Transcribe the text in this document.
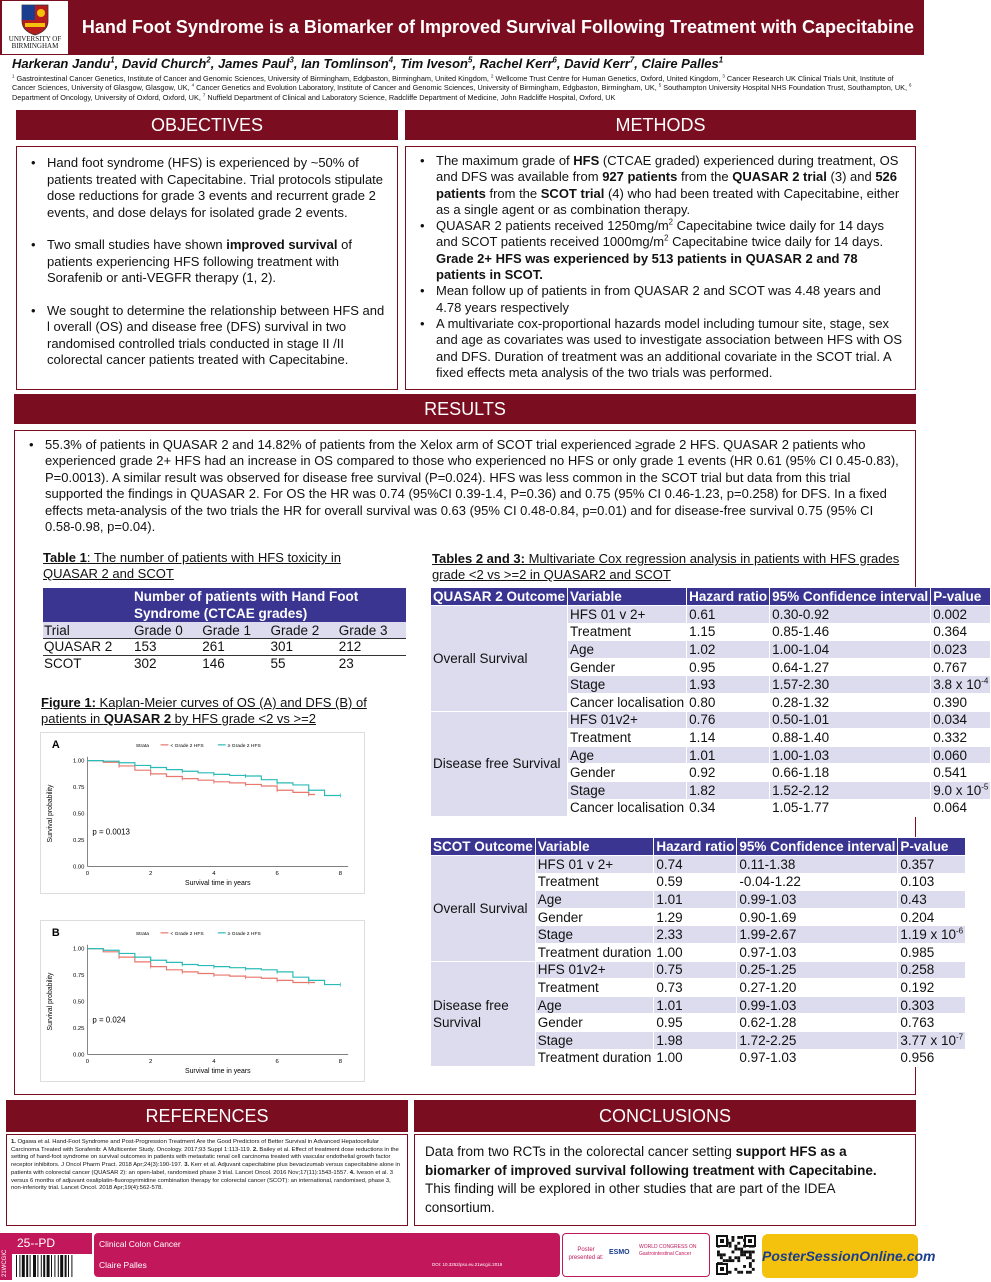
UNIVERSITY OF BIRMINGHAM
Hand Foot Syndrome is a Biomarker of Improved Survival Following Treatment with Capecitabine
Harkeran Jandu$^1$, David Church$^2$, James Paul$^3$, Ian Tomlinson$^4$, Tim Iveson$^5$, Rachel Kerr$^6$, David Kerr$^7$, Claire Palles$^1$
$^1$ Gastrointestinal Cancer Genetics, Institute of Cancer and Genomic Sciences, University of Birmingham, Edgbaston, Birmingham, United Kingdom, $^2$ Wellcome Trust Centre for Human Genetics, Oxford, United Kingdom, $^3$ Cancer Research UK Clinical Trials Unit, Institute of Cancer Sciences, University of Glasgow, Glasgow, UK, $^4$ Cancer Genetics and Evolution Laboratory, Institute of Cancer and Genomic Sciences, University of Birmingham, Edgbaston, Birmingham, UK, $^5$ Southampton University Hospital NHS Foundation Trust, Southampton, UK, $^6$ Department of Oncology, University of Oxford, Oxford, UK, $^7$ Nuffield Department of Clinical and Laboratory Science, Radcliffe Department of Medicine, John Radcliffe Hospital, Oxford, UK
OBJECTIVES
• Hand foot syndrome (HFS) is experienced by ~50% of patients treated with Capecitabine. Trial protocols stipulate dose reductions for grade 3 events and recurrent grade 2 events, and dose delays for isolated grade 2 events.
• Two small studies have shown improved survival of patients experiencing HFS following treatment with Sorafenib or anti-VEGFR therapy (1, 2).
• We sought to determine the relationship between HFS and l overall (OS) and disease free (DFS) survival in two randomised controlled trials conducted in stage II /II colorectal cancer patients treated with Capecitabine.
METHODS
• The maximum grade of HFS (CTCAE graded) experienced during treatment, OS and DFS was available from 927 patients from the QUASAR 2 trial (3) and 526 patients from the SCOT trial (4) who had been treated with Capecitabine, either as a single agent or as combination therapy.
• QUASAR 2 patients received $1250mg/m^2$ Capecitabine twice daily for 14 days and SCOT patients received $1000mg/m^2$ Capecitabine twice daily for 14 days. Grade 2+ HFS was experienced by 513 patients in QUASAR 2 and 78 patients in SCOT.
• Mean follow up of patients in from QUASAR 2 and SCOT was 4.48 years and 4.78 years respectively
• A multivariate cox-proportional hazards model including tumour site, stage, sex and age as covariates was used to investigate association between HFS with OS and DFS. Duration of treatment was an additional covariate in the SCOT trial. A fixed effects meta analysis of the two trials was performed.
RESULTS
• 55.3% of patients in QUASAR 2 and 14.82% of patients from the Xelox arm of SCOT trial experienced ≥grade 2 HFS. QUASAR 2 patients who experienced grade 2+ HFS had an increase in OS compared to those who experienced no HFS or only grade 1 events (HR 0.61 (95% CI 0.45-0.83), P=0.0013). A similar result was observed for disease free survival (P=0.024). HFS was less common in the SCOT trial but data from this trial supported the findings in QUASAR 2. For OS the HR was 0.74 (95%CI 0.39-1.4, P=0.36) and 0.75 (95% CI 0.46-1.23, p=0.258) for DFS. In a fixed effects meta-analysis of the two trials the HR for overall survival was 0.63 (95% CI 0.48-0.84, p=0.01) and for disease-free survival 0.75 (95% CI 0.58-0.98, p=0.04).
Table 1: The number of patients with HFS toxicity in QUASAR 2 and SCOT
	Number of patients with Hand Foot Syndrome (CTCAE grades)			
Trial	Grade 0	Grade 1	Grade 2	Grade 3
QUASAR 2	153	261	301	212
SCOT	302	146	55	23
Figure 1: Kaplan-Meier curves of OS (A) and DFS (B) of patients in QUASAR 2 by HFS grade <2 vs >=2
A	Strata	< Grade 2 HFS	≥ Grade 2 HFS
0.00
0.25
0.50
0.75
1.00
0	2	4	6	8
Survival time in years
Survival probability	p = 0.0013
B	Strata	< Grade 2 HFS	≥ Grade 2 HFS
0.00
0.25
0.50
0.75
1.00
0	2	4	6	8
Survival time in years
Survival probability	p = 0.024
Tables 2 and 3: Multivariate Cox regression analysis in patients with HFS grades grade <2 vs >=2 in QUASAR2 and SCOT
QUASAR 2 Outcome	Variable	Hazard ratio	95% Confidence interval	P-value
Overall Survival	HFS 01 v 2+	0.61	0.30-0.92	0.002
	Treatment	1.15	0.85-1.46	0.364
	Age	1.02	1.00-1.04	0.023
	Gender	0.95	0.64-1.27	0.767
	Stage	1.93	1.57-2.30	3.8 x $10^{-4}$
	Cancer localisation	0.80	0.28-1.32	0.390
Disease free Survival	HFS 01v2+	0.76	0.50-1.01	0.034
	Treatment	1.14	0.88-1.40	0.332
	Age	1.01	1.00-1.03	0.060
	Gender	0.92	0.66-1.18	0.541
	Stage	1.82	1.52-2.12	9.0 x $10^{-5}$
	Cancer localisation	0.34	1.05-1.77	0.064
SCOT Outcome	Variable	Hazard ratio	95% Confidence interval	P-value
Overall Survival	HFS 01 v 2+	0.74	0.11-1.38	0.357
	Treatment	0.59	-0.04-1.22	0.103
	Age	1.01	0.99-1.03	0.43
	Gender	1.29	0.90-1.69	0.204
	Stage	2.33	1.99-2.67	1.19 x $10^{-6}$
	Treatment duration	1.00	0.97-1.03	0.985
Disease free Survival	HFS 01v2+	0.75	0.25-1.25	0.258
	Treatment	0.73	0.27-1.20	0.192
	Age	1.01	0.99-1.03	0.303
	Gender	0.95	0.62-1.28	0.763
	Stage	1.98	1.72-2.25	3.77 x $10^{-7}$
	Treatment duration	1.00	0.97-1.03	0.956
REFERENCES
1. Ogawa et al. Hand-Foot Syndrome and Post-Progression Treatment Are the Good Predictors of Better Survival in Advanced Hepatocellular Carcinoma Treated with Sorafenib: A Multicenter Study. Oncology. 2017;93 Suppl 1:113-119. 2. Bailey et al. Effect of treatment dose reductions in the setting of hand-foot syndrome on survival outcomes in patients with metastatic renal cell carcinoma treated with vascular endothelial growth factor receptor inhibitors. J Oncol Pharm Pract. 2018 Apr;24(3):190-197. 3. Kerr et al. Adjuvant capecitabine plus bevacizumab versus capecitabine alone in patients with colorectal cancer (QUASAR 2): an open-label, randomised phase 3 trial. Lancet Oncol. 2016 Nov;17(11):1543-1557. 4. Iveson et al. 3 versus 6 months of adjuvant oxaliplatin-fluoropyrimidine combination therapy for colorectal cancer (SCOT): an international, randomised, phase 3, non-inferiority trial. Lancet Oncol. 2018 Apr;19(4):562-578.
CONCLUSIONS
Data from two RCTs in the colorectal cancer setting support HFS as a biomarker of improved survival following treatment with Capecitabine. This finding will be explored in other studies that are part of the IDEA consortium.
21WCGIC
25--PD	Clinical Colon Cancer
Claire Palles	DOI: 10.3252/pso.eu.21wcgic.2019
Poster presented at:
ESMO
WORLD CONGRESS ON Gastrointestinal Cancer	PosterSessionOnline.com
